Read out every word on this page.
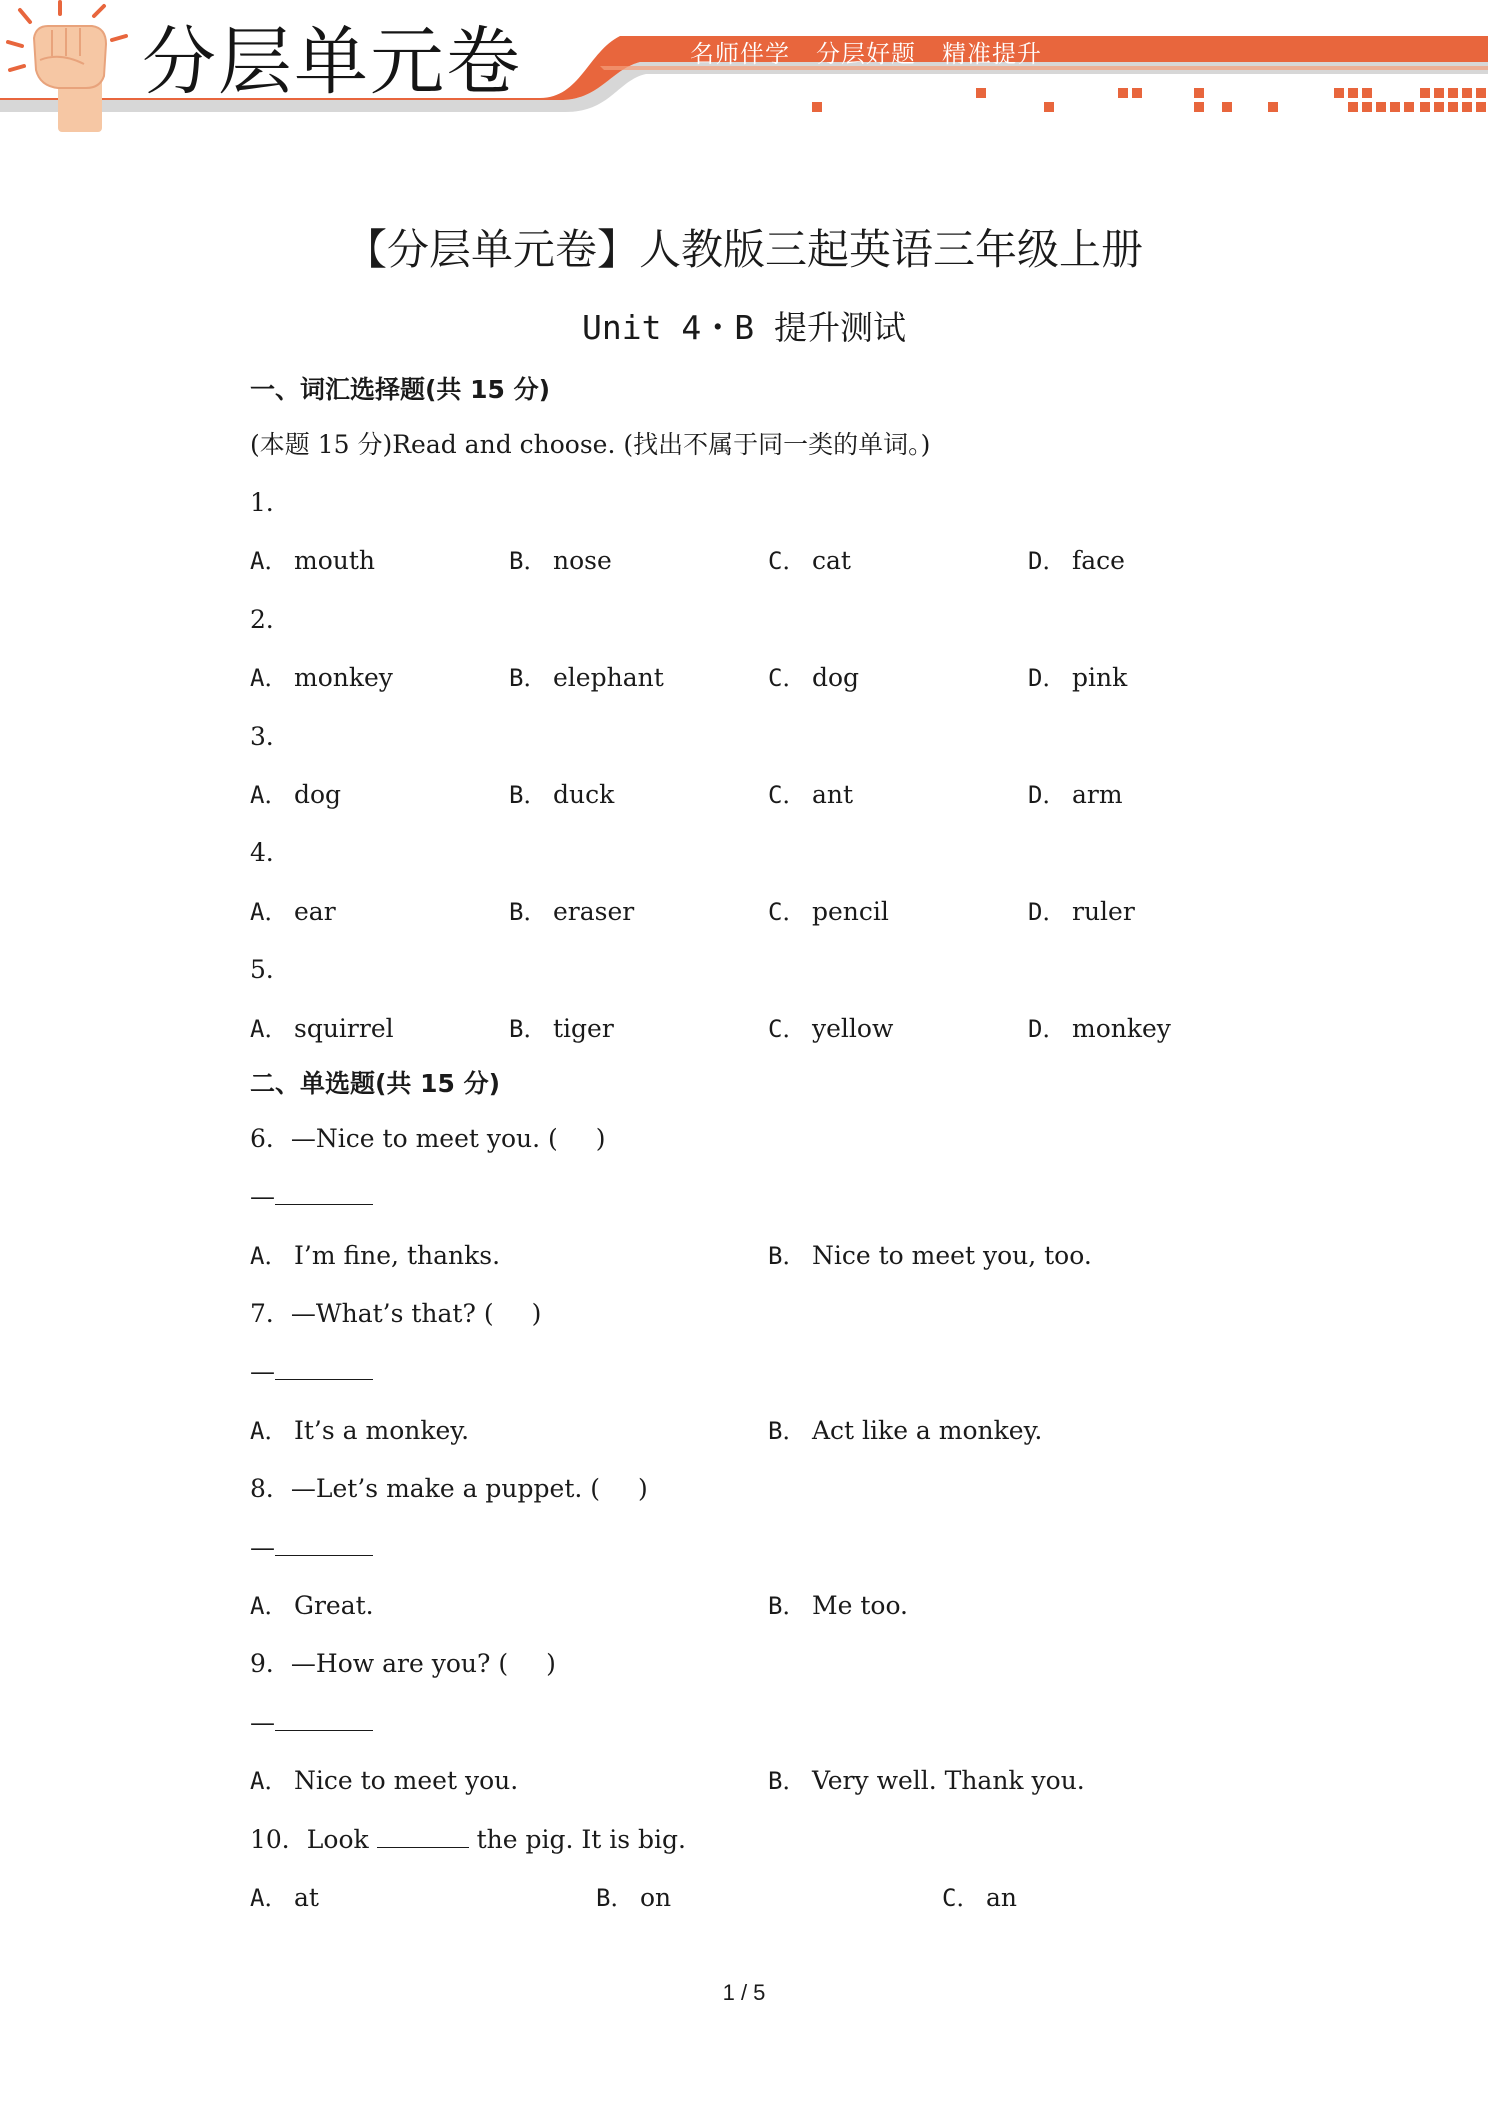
分层单元卷	名师伴学 分层好题 精准提升
【分层单元卷】人教版三起英语三年级上册
Unit 4・B 提升测试
一、词汇选择题(共 15 分)
(本题 15 分)Read and choose. (找出不属于同一类的单词。)
1．
A． mouth	B． nose	C． cat	D． face
2．
A． monkey	B． elephant	C． dog	D． pink
3．
A． dog	B． duck	C． ant	D． arm
4．
A． ear	B． eraser	C． pencil	D． ruler
5．
A． squirrel	B． tiger	C． yellow	D． monkey
二、单选题(共 15 分)
6．—Nice to meet you. ( )
—
A． I’m fine, thanks.	B． Nice to meet you, too.
7．—What’s that? ( )
—
A． It’s a monkey.	B． Act like a monkey.
8．—Let’s make a puppet. ( )
—
A． Great.	B． Me too.
9．—How are you? ( )
—
A． Nice to meet you.	B． Very well. Thank you.
10．Look	the pig. It is big.
A． at	B． on	C． an
1 / 5
